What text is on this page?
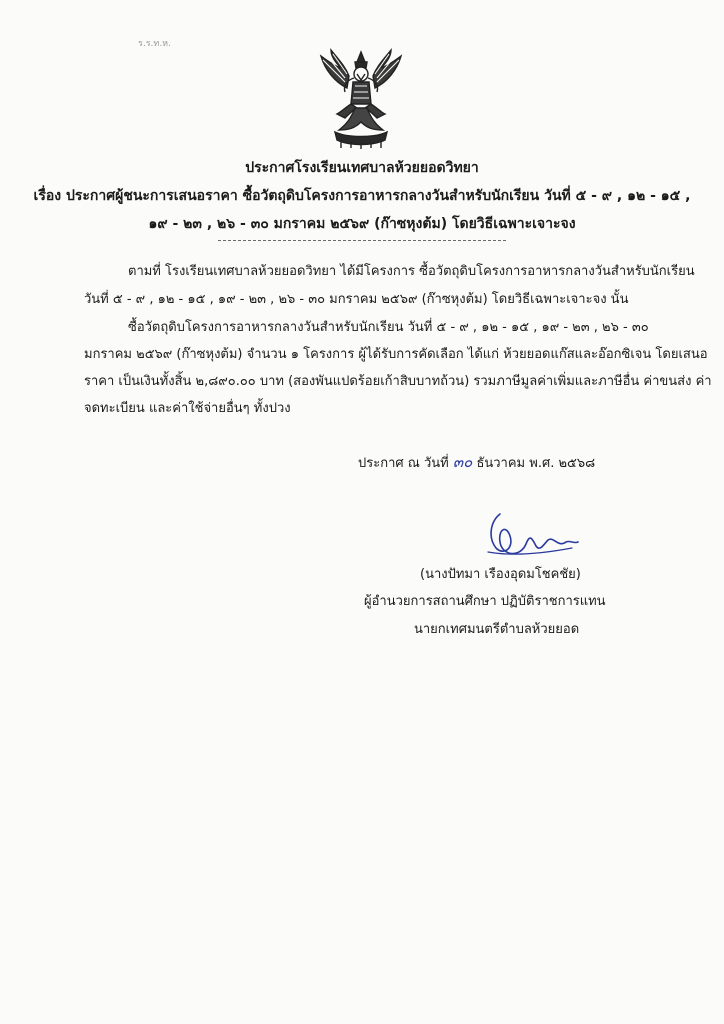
ร.ร.ท.ห.
ประกาศโรงเรียนเทศบาลห้วยยอดวิทยา
เรื่อง ประกาศผู้ชนะการเสนอราคา ซื้อวัตถุดิบโครงการอาหารกลางวันสำหรับนักเรียน วันที่ ๕ - ๙ , ๑๒ - ๑๕ ,
๑๙ - ๒๓ , ๒๖ - ๓๐ มกราคม ๒๕๖๙ (ก๊าซหุงต้ม) โดยวิธีเฉพาะเจาะจง
ตามที่ โรงเรียนเทศบาลห้วยยอดวิทยา ได้มีโครงการ ซื้อวัตถุดิบโครงการอาหารกลางวันสำหรับนักเรียน
วันที่ ๕ - ๙ , ๑๒ - ๑๕ , ๑๙ - ๒๓ , ๒๖ - ๓๐ มกราคม ๒๕๖๙ (ก๊าซหุงต้ม) โดยวิธีเฉพาะเจาะจง นั้น
ซื้อวัตถุดิบโครงการอาหารกลางวันสำหรับนักเรียน วันที่ ๕ - ๙ , ๑๒ - ๑๕ , ๑๙ - ๒๓ , ๒๖ - ๓๐
มกราคม ๒๕๖๙ (ก๊าซหุงต้ม) จำนวน ๑ โครงการ ผู้ได้รับการคัดเลือก ได้แก่ ห้วยยอดแก๊สและอ๊อกซิเจน โดยเสนอ
ราคา เป็นเงินทั้งสิ้น ๒,๘๙๐.๐๐ บาท (สองพันแปดร้อยเก้าสิบบาทถ้วน) รวมภาษีมูลค่าเพิ่มและภาษีอื่น ค่าขนส่ง ค่า
จดทะเบียน และค่าใช้จ่ายอื่นๆ ทั้งปวง
ประกาศ ณ วันที่ ๓๐ ธันวาคม พ.ศ. ๒๕๖๘
(นางปัทมา เรืองอุดมโชคชัย)
ผู้อำนวยการสถานศึกษา ปฏิบัติราชการแทน
นายกเทศมนตรีตำบลห้วยยอด
